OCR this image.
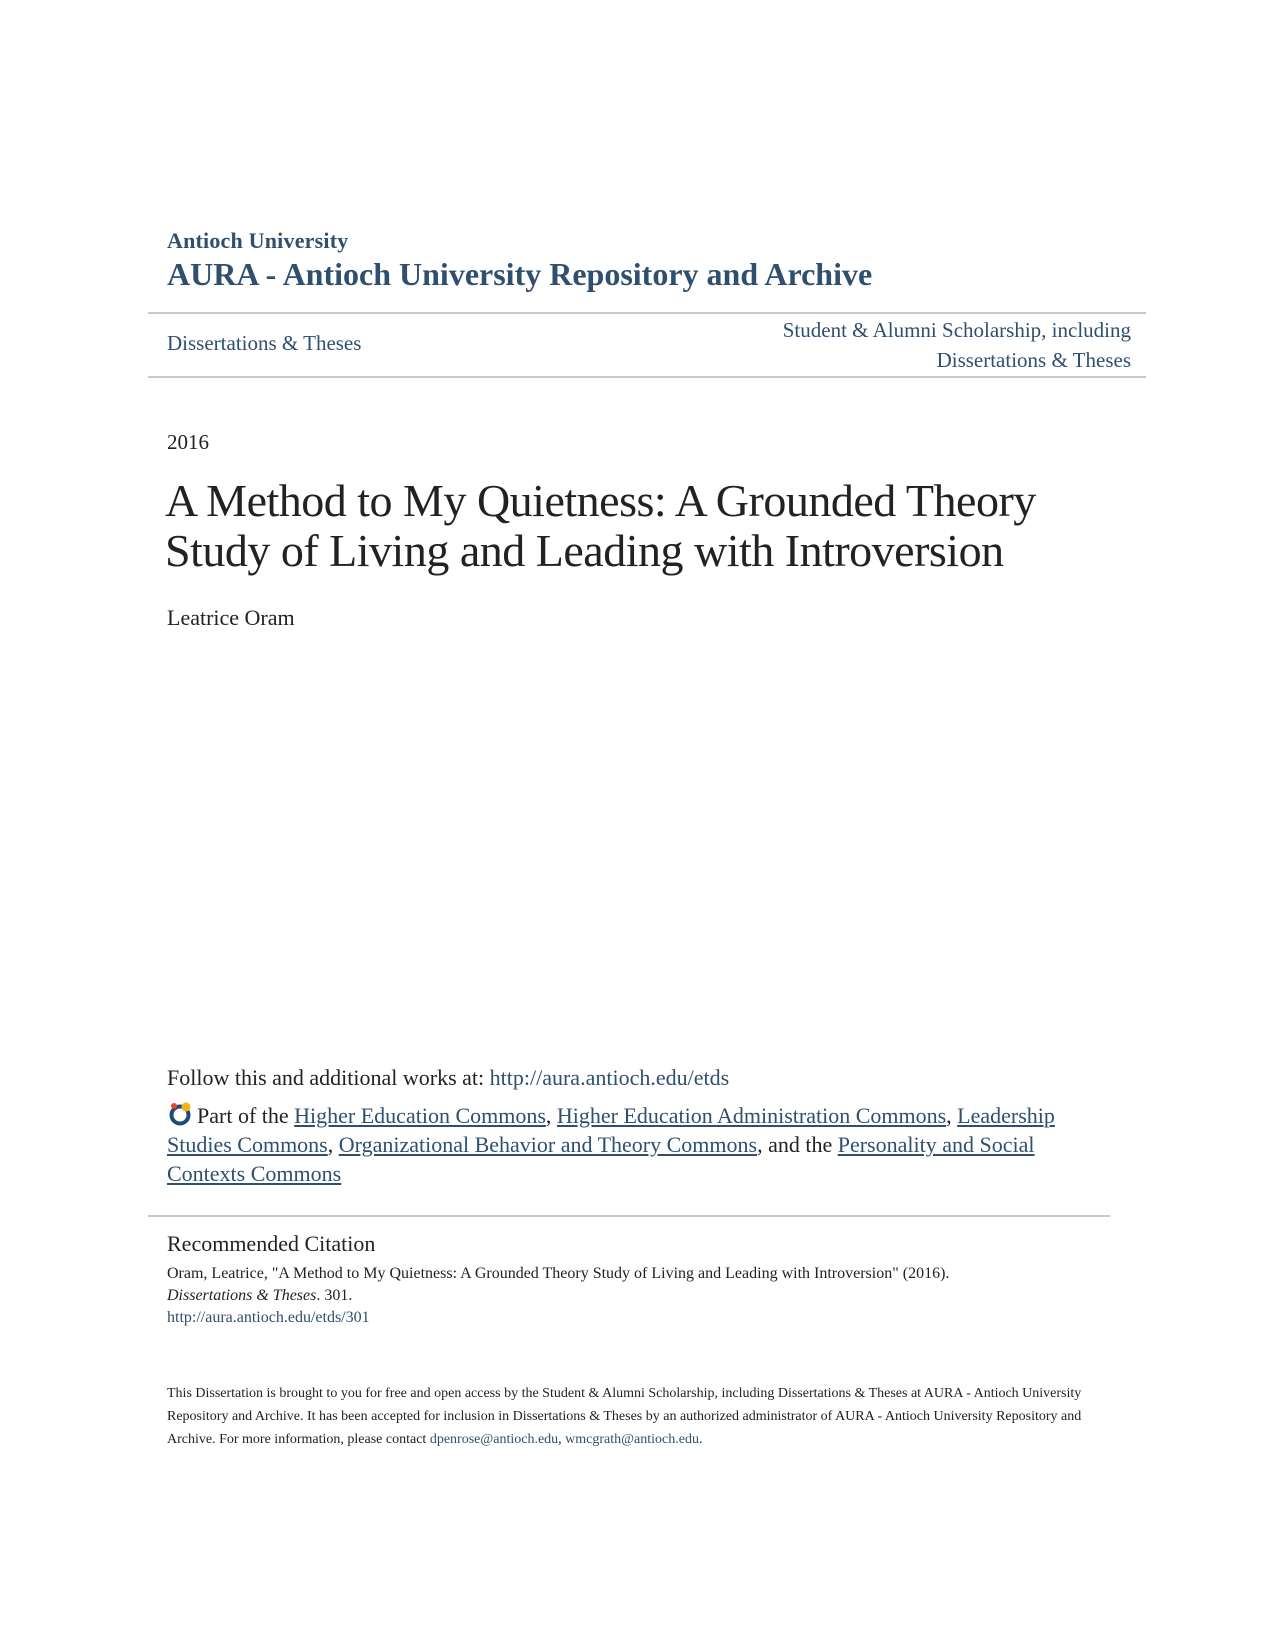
Antioch University
AURA - Antioch University Repository and Archive
Dissertations & Theses
Student & Alumni Scholarship, including
Dissertations & Theses
2016
A Method to My Quietness: A Grounded Theory
Study of Living and Leading with Introversion
Leatrice Oram
Follow this and additional works at: http://aura.antioch.edu/etds
Part of the Higher Education Commons, Higher Education Administration Commons, Leadership Studies Commons, Organizational Behavior and Theory Commons, and the Personality and Social Contexts Commons
Recommended Citation
Oram, Leatrice, "A Method to My Quietness: A Grounded Theory Study of Living and Leading with Introversion" (2016).
Dissertations & Theses. 301.
http://aura.antioch.edu/etds/301
This Dissertation is brought to you for free and open access by the Student & Alumni Scholarship, including Dissertations & Theses at AURA - Antioch University Repository and Archive. It has been accepted for inclusion in Dissertations & Theses by an authorized administrator of AURA - Antioch University Repository and Archive. For more information, please contact dpenrose@antioch.edu, wmcgrath@antioch.edu.
